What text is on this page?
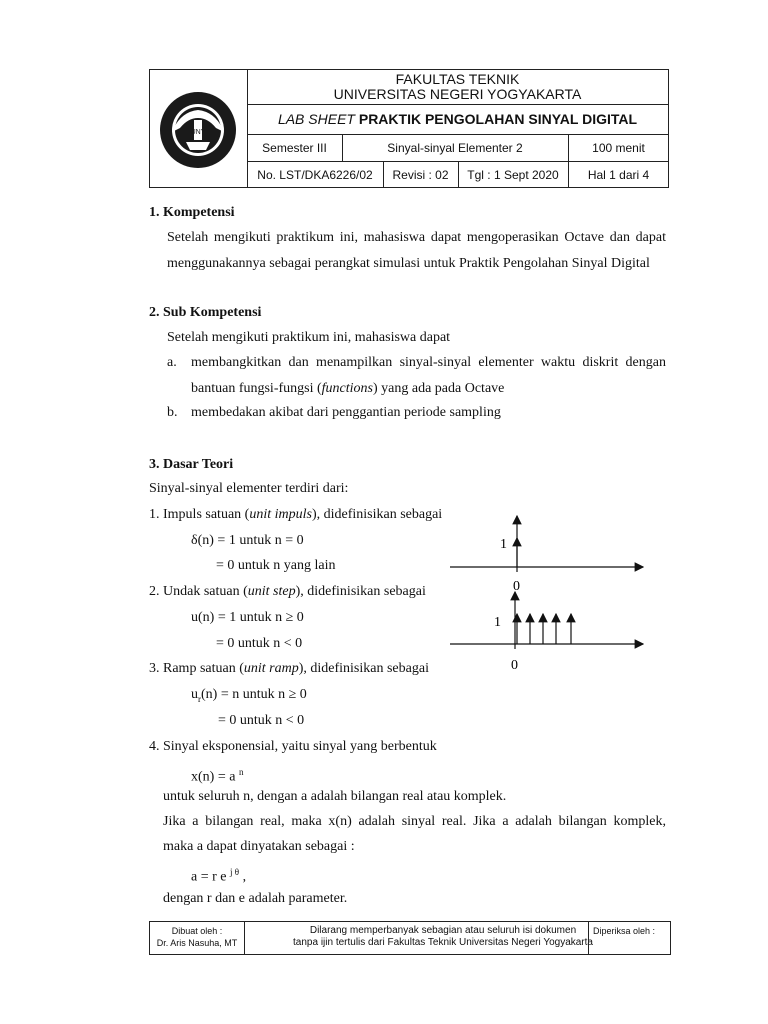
UNY
FAKULTAS TEKNIK
UNIVERSITAS NEGERI YOGYAKARTA
LAB SHEET PRAKTIK PENGOLAHAN SINYAL DIGITAL
Semester III	Sinyal-sinyal Elementer 2	100 menit
No. LST/DKA6226/02	Revisi : 02	Tgl : 1 Sept 2020	Hal 1 dari 4
1. Kompetensi
Setelah mengikuti praktikum ini, mahasiswa dapat mengoperasikan Octave dan dapat
menggunakannya sebagai perangkat simulasi untuk Praktik Pengolahan Sinyal Digital
2. Sub Kompetensi
Setelah mengikuti praktikum ini, mahasiswa dapat
a. membangkitkan dan menampilkan sinyal-sinyal elementer waktu diskrit dengan
bantuan fungsi-fungsi (functions) yang ada pada Octave
b. membedakan akibat dari penggantian periode sampling
3. Dasar Teori
Sinyal-sinyal elementer terdiri dari:
1. Impuls satuan (unit impuls), didefinisikan sebagai
δ(n) = 1 untuk n = 0
= 0 untuk n yang lain
2. Undak satuan (unit step), didefinisikan sebagai
u(n) = 1 untuk n ≥ 0
= 0 untuk n < 0
3. Ramp satuan (unit ramp), didefinisikan sebagai
$u_r(n) = n$ untuk n ≥ 0
= 0 untuk n < 0
4. Sinyal eksponensial, yaitu sinyal yang berbentuk
x(n) = a $^n$
untuk seluruh n, dengan a adalah bilangan real atau komplek.
Jika a bilangan real, maka x(n) adalah sinyal real. Jika a adalah bilangan komplek,
maka a dapat dinyatakan sebagai :
a = r e $^{j \theta}$ ,
dengan r dan e adalah parameter.
1
0
1
0
Dibuat oleh :
Dr. Aris Nasuha, MT
Dilarang memperbanyak sebagian atau seluruh isi dokumen
tanpa ijin tertulis dari Fakultas Teknik Universitas Negeri Yogyakarta
Diperiksa oleh :
